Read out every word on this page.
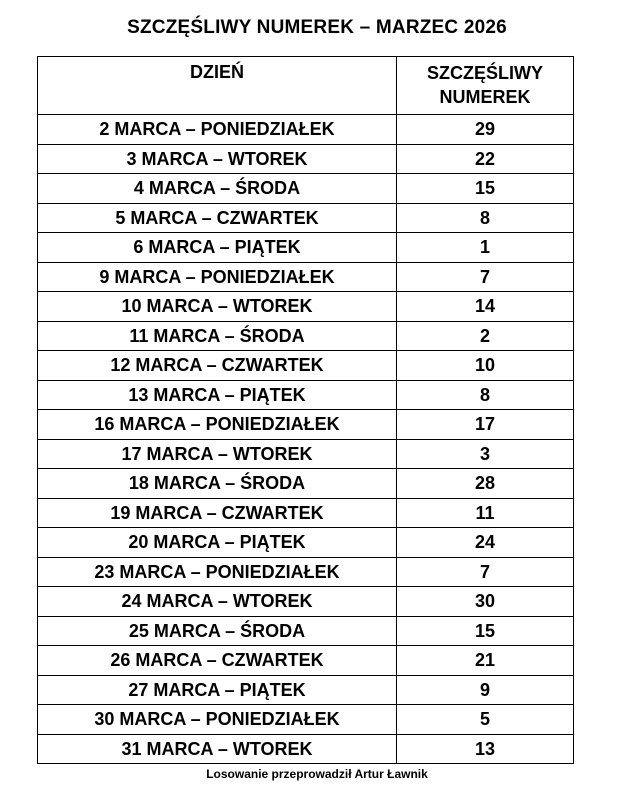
SZCZĘŚLIWY NUMEREK – MARZEC 2026
DZIEŃ	SZCZĘŚLIWY
NUMEREK
2 MARCA – PONIEDZIAŁEK	29
3 MARCA – WTOREK	22
4 MARCA – ŚRODA	15
5 MARCA – CZWARTEK	8
6 MARCA – PIĄTEK	1
9 MARCA – PONIEDZIAŁEK	7
10 MARCA – WTOREK	14
11 MARCA – ŚRODA	2
12 MARCA – CZWARTEK	10
13 MARCA – PIĄTEK	8
16 MARCA – PONIEDZIAŁEK	17
17 MARCA – WTOREK	3
18 MARCA – ŚRODA	28
19 MARCA – CZWARTEK	11
20 MARCA – PIĄTEK	24
23 MARCA – PONIEDZIAŁEK	7
24 MARCA – WTOREK	30
25 MARCA – ŚRODA	15
26 MARCA – CZWARTEK	21
27 MARCA – PIĄTEK	9
30 MARCA – PONIEDZIAŁEK	5
31 MARCA – WTOREK	13
Losowanie przeprowadził Artur Ławnik
